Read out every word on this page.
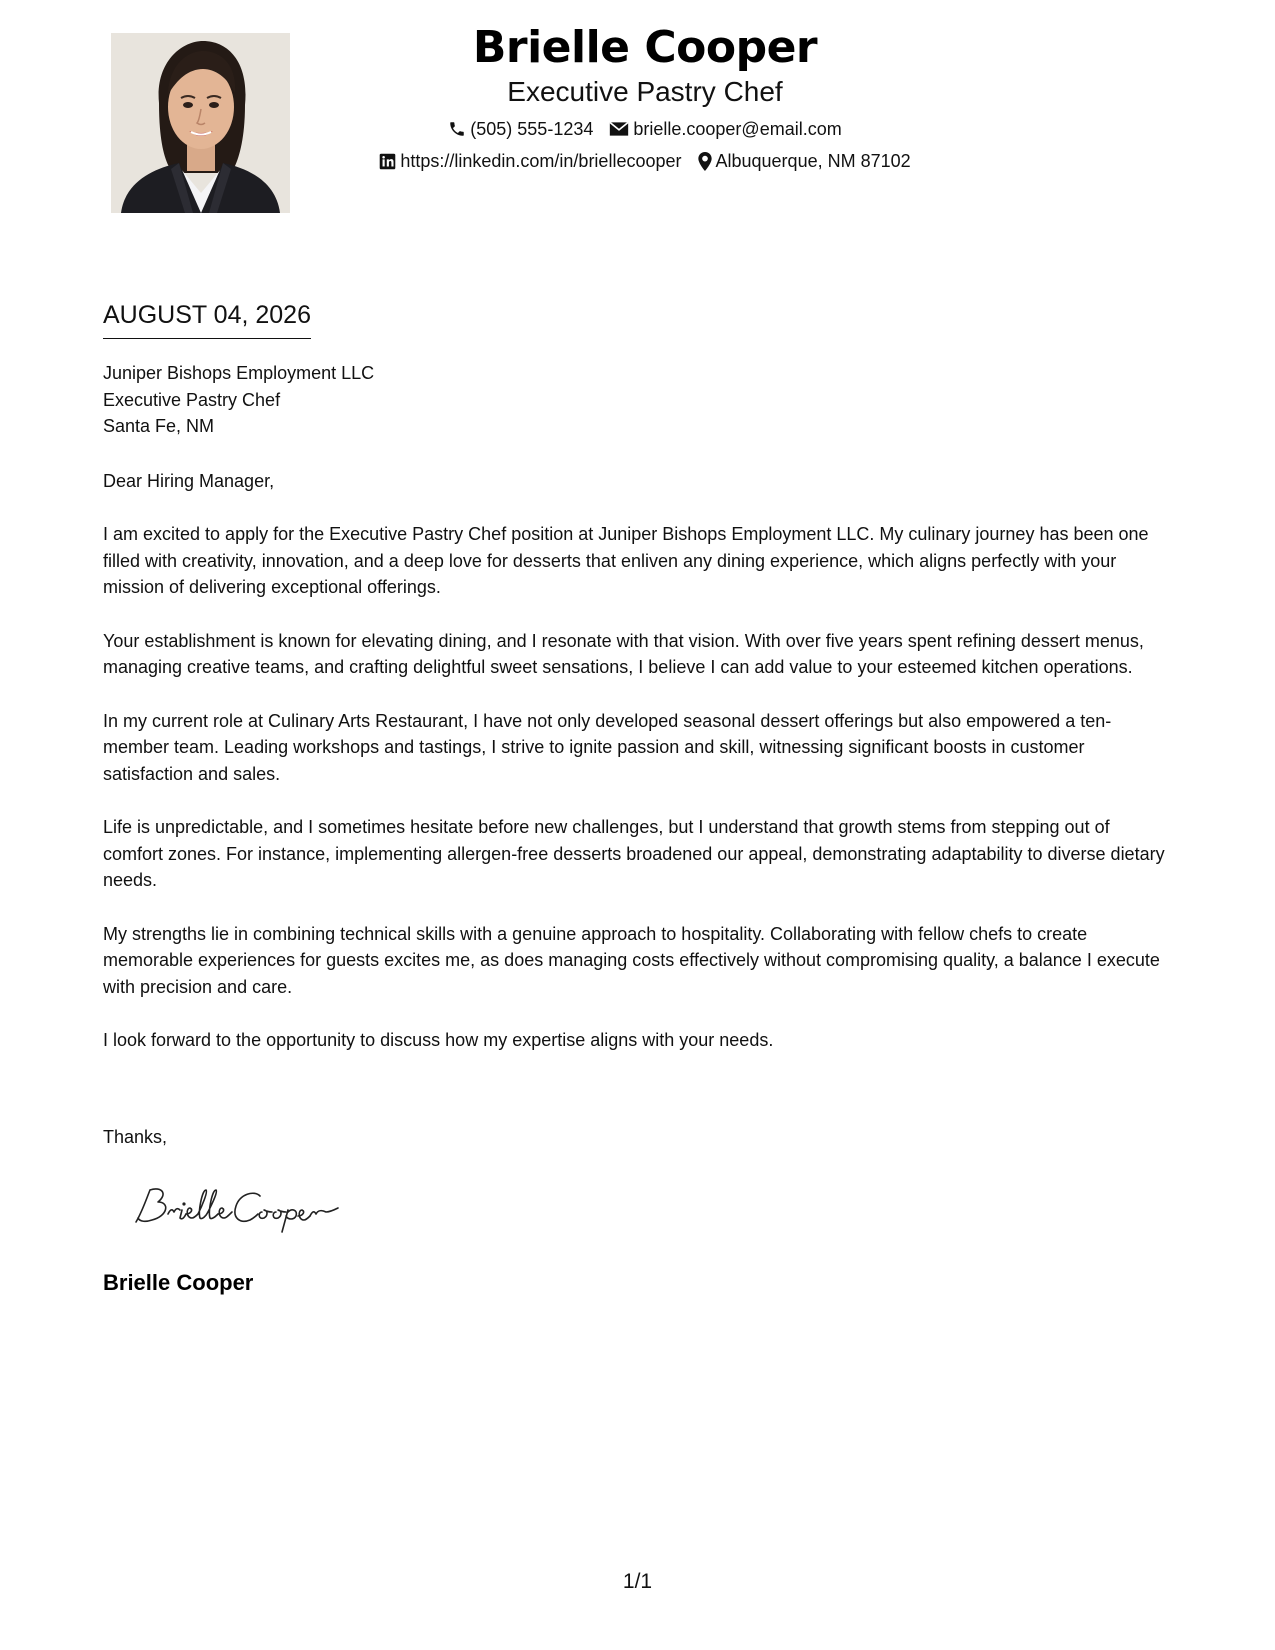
Brielle Cooper
Executive Pastry Chef
(505) 555-1234 brielle.cooper@email.com
https://linkedin.com/in/briellecooper Albuquerque, NM 87102
AUGUST 04, 2026
Juniper Bishops Employment LLC
Executive Pastry Chef
Santa Fe, NM
Dear Hiring Manager,
I am excited to apply for the Executive Pastry Chef position at Juniper Bishops Employment LLC. My culinary journey has been one filled with creativity, innovation, and a deep love for desserts that enliven any dining experience, which aligns perfectly with your mission of delivering exceptional offerings.
Your establishment is known for elevating dining, and I resonate with that vision. With over five years spent refining dessert menus, managing creative teams, and crafting delightful sweet sensations, I believe I can add value to your esteemed kitchen operations.
In my current role at Culinary Arts Restaurant, I have not only developed seasonal dessert offerings but also empowered a ten-member team. Leading workshops and tastings, I strive to ignite passion and skill, witnessing significant boosts in customer satisfaction and sales.
Life is unpredictable, and I sometimes hesitate before new challenges, but I understand that growth stems from stepping out of comfort zones. For instance, implementing allergen-free desserts broadened our appeal, demonstrating adaptability to diverse dietary needs.
My strengths lie in combining technical skills with a genuine approach to hospitality. Collaborating with fellow chefs to create memorable experiences for guests excites me, as does managing costs effectively without compromising quality, a balance I execute with precision and care.
I look forward to the opportunity to discuss how my expertise aligns with your needs.
Thanks,
Brielle Cooper
1/1
